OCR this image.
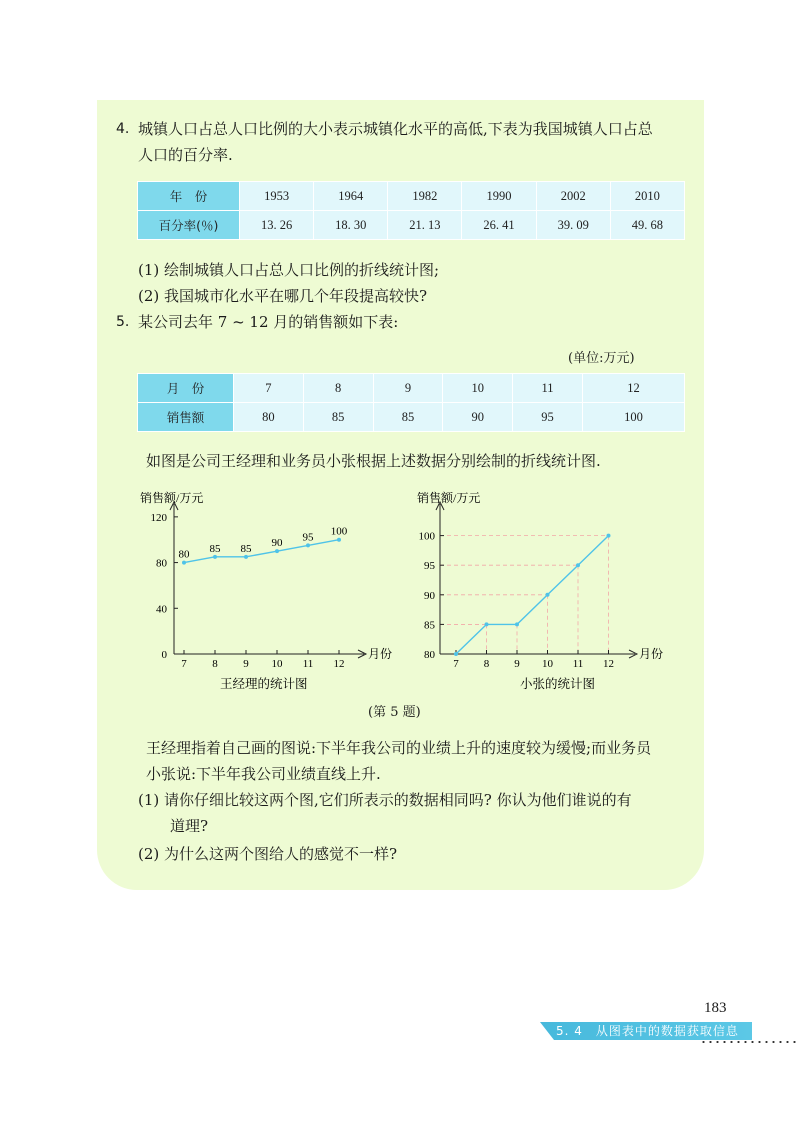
4. 城镇人口占总人口比例的大小表示城镇化水平的高低,下表为我国城镇人口占总
人口的百分率.
年　份	1953	1964	1982	1990	2002	2010
百分率(％)	13. 26	18. 30	21. 13	26. 41	39. 09	49. 68
(1) 绘制城镇人口占总人口比例的折线统计图;
(2) 我国城市化水平在哪几个年段提高较快?
5. 某公司去年 7 ~ 12 月的销售额如下表:
(单位:万元)
月　份	7	8	9	10	11	12
销售额	80	85	85	90	95	100
如图是公司王经理和业务员小张根据上述数据分别绘制的折线统计图.
销售额/万元
月份
0
40
80
120
7 8 9 10 11 12
80 85 85 90 95 100
王经理的统计图
销售额/万元
月份
80
85
90
95
100
7 8 9 10 11 12
小张的统计图
(第 5 题)
王经理指着自己画的图说:下半年我公司的业绩上升的速度较为缓慢;而业务员
小张说:下半年我公司业绩直线上升.
(1) 请你仔细比较这两个图,它们所表示的数据相同吗? 你认为他们谁说的有
道理?
(2) 为什么这两个图给人的感觉不一样?
183
5. 4　从图表中的数据获取信息
